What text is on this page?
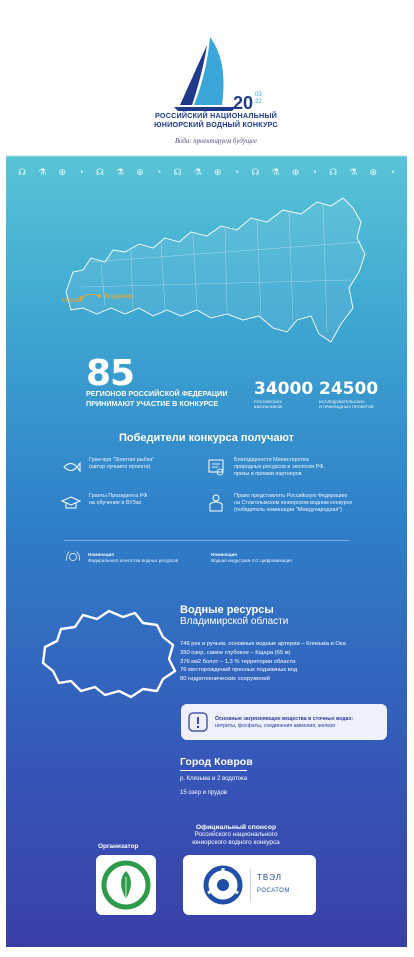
20 03
22
РОССИЙСКИЙ НАЦИОНАЛЬНЫЙ
ЮНИОРСКИЙ ВОДНЫЙ КОНКУРС
Вода: проектируем будущее
☊ ⚗ ⊕ ◔ ☊ ⚗ ⊕ ◔ ☊ ⚗ ⊕ ◔ ☊ ⚗ ⊕ ◔ ☊ ⚗ ⊕ ◔
Москва
Владимир
85
РЕГИОНОВ РОССИЙСКОЙ ФЕДЕРАЦИИ
ПРИНИМАЮТ УЧАСТИЕ В КОНКУРСЕ
34000
РОССИЙСКИХ
ШКОЛЬНИКОВ
24500
ИССЛЕДОВАТЕЛЬСКИХ
И ПРИКЛАДНЫХ ПРОЕКТОВ
Победители конкурса получают
Гран-при "Золотая рыбка"
(автор лучшего проекта)
Благодарности Министерства
природных ресурсов и экологии РФ,
призы и премии партнеров
Гранты Президента РФ
на обучение в ВУЗах
Право представлять Российскую Федерацию
на Стокгольмском юниорском водном конкурсе
(победитель номинации "Международная")
Номинация
Федерального агентства водных ресурсов
Номинация
Водная индустрия 4.0: цифровизация
Водные ресурсы
Владимирской области
746 рек и ручьев, основные водные артерии – Клязьма и Ока
350 озер, самое глубокое – Кщара (65 м)
376 км2 болот – 1,3 % территории области
76 месторождений пресных подземных вод
80 гидротехнических сооружений
Основные загрязняющие вещества в сточных водах:
нитриты, фосфаты, соединения аммония, железо
Город Ковров
р. Клязьма и 2 водотока
15 озер и прудов
Официальный спонсор
Российского национального
юниорского водного конкурса
Организатор
ТВЭЛ
РОСАТОМ
